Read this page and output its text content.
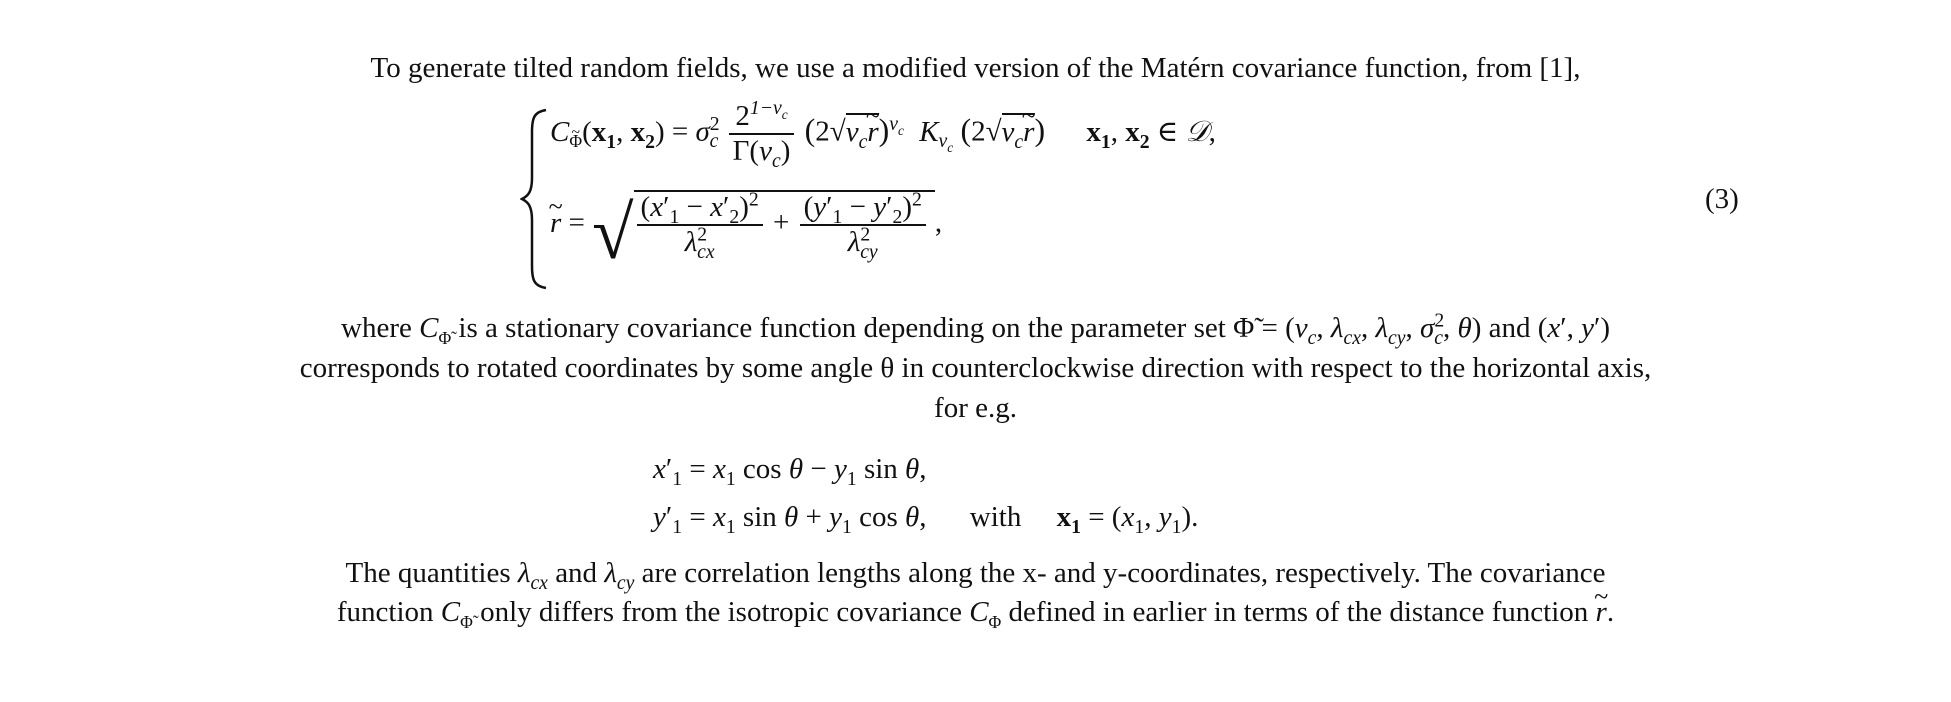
To generate tilted random fields, we use a modified version of the Matérn covariance function, from [1],
$C_\Phi(x_1$, $x_2) = \sigma^2_c \frac{2^{1-\nu_c}}{\Gamma(\nu_c)}$ ($2√\nu_c\sim$ r)$^{\nu_c}$ $K_{\nu_c}$ ($2√\nu_c\sim$ r) $x_1$, $x_2$ ∈ 𝒟,
~ r = √ $\frac{(x'_1 - x'_2)^2}{\lambda^2_{cx}} + \frac{(y'_1 - y'_2)^2}{\lambda^2_{cy}}$ ,
(3)
where $C_{\Phĩ}$ is a stationary covariance function depending on the parameter set Φ̃ = ($\nu_c$, $\lambda_{cx}$, $\lambda_{cy}$, $\sigma^2_c$, θ) and (x′, y′)
corresponds to rotated coordinates by some angle θ in counterclockwise direction with respect to the horizontal axis,
for e.g.
$x'_1 = x_1$ $\cos \theta - y_1$ sin θ,
$y'_1 = x_1$ $\sin \theta + y_1$ cos θ, with $x_1 = (x_1$, $y_1$).
The quantities $\lambda_{cx}$ and $\lambda_{cy}$ are correlation lengths along the x- and y-coordinates, respectively. The covariance
function $C_{\Phĩ}$ only differs from the isotropic covariance $C_\Phi$ defined in earlier in terms of the distance function ~ r.
